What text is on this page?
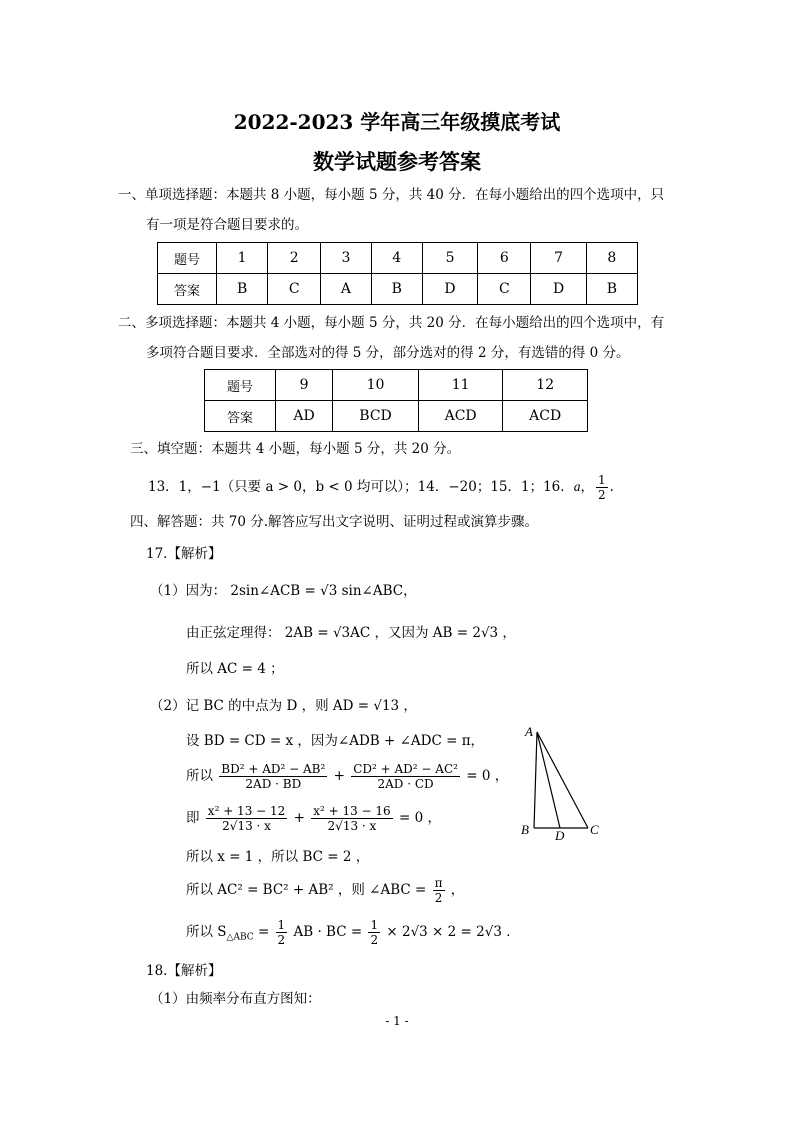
2022-2023 学年高三年级摸底考试
数学试题参考答案
一、单项选择题：本题共 8 小题，每小题 5 分，共 40 分．在每小题给出的四个选项中，只
有一项是符合题目要求的。
题号	1	2	3	4	5	6	7	8
答案	B	C	A	B	D	C	D	B
二、多项选择题：本题共 4 小题，每小题 5 分，共 20 分．在每小题给出的四个选项中，有
多项符合题目要求．全部选对的得 5 分，部分选对的得 2 分，有选错的得 0 分。
题号	9	10	11	12
答案	AD	BCD	ACD	ACD
三、填空题：本题共 4 小题，每小题 5 分，共 20 分。
13．1，−1（只要 a > 0，b < 0 均可以）；14．−20；15．1；16．a， $\frac{1}{2}$ ．
四、解答题：共 70 分.解答应写出文字说明、证明过程或演算步骤。
17.【解析】
（1）因为： 2sin∠ACB = √3 sin∠ABC，
由正弦定理得： 2AB = √3AC ，又因为 AB = 2√3 ，
所以 AC = 4 ；
（2）记 BC 的中点为 D ，则 AD = √13 ，
设 BD = CD = x ，因为∠ADB + ∠ADC = π，
所以 $\frac{\text{BD² + AD² − AB²}}{2AD \cdot BD} + \frac{\text{CD² + AD² − AC²}}{2AD \cdot CD} = 0$ ，
即 $\frac{\text{x² + 13 − 12}}{2√13 \cdot x} + \frac{\text{x² + 13 − 16}}{2√13 \cdot x} = 0$ ，
所以 x = 1 ，所以 BC = 2 ，
所以 AC² = BC² + AB² ，则 ∠ABC = $\frac{\pi}{2}$ ，
所以 $S_{\triangle ABC} = \frac{1}{2}$ AB · BC = $\frac{1}{2} \times 2√3 \times 2 = 2√3$ ．
A
B D C
18.【解析】
（1）由频率分布直方图知：
- 1 -
